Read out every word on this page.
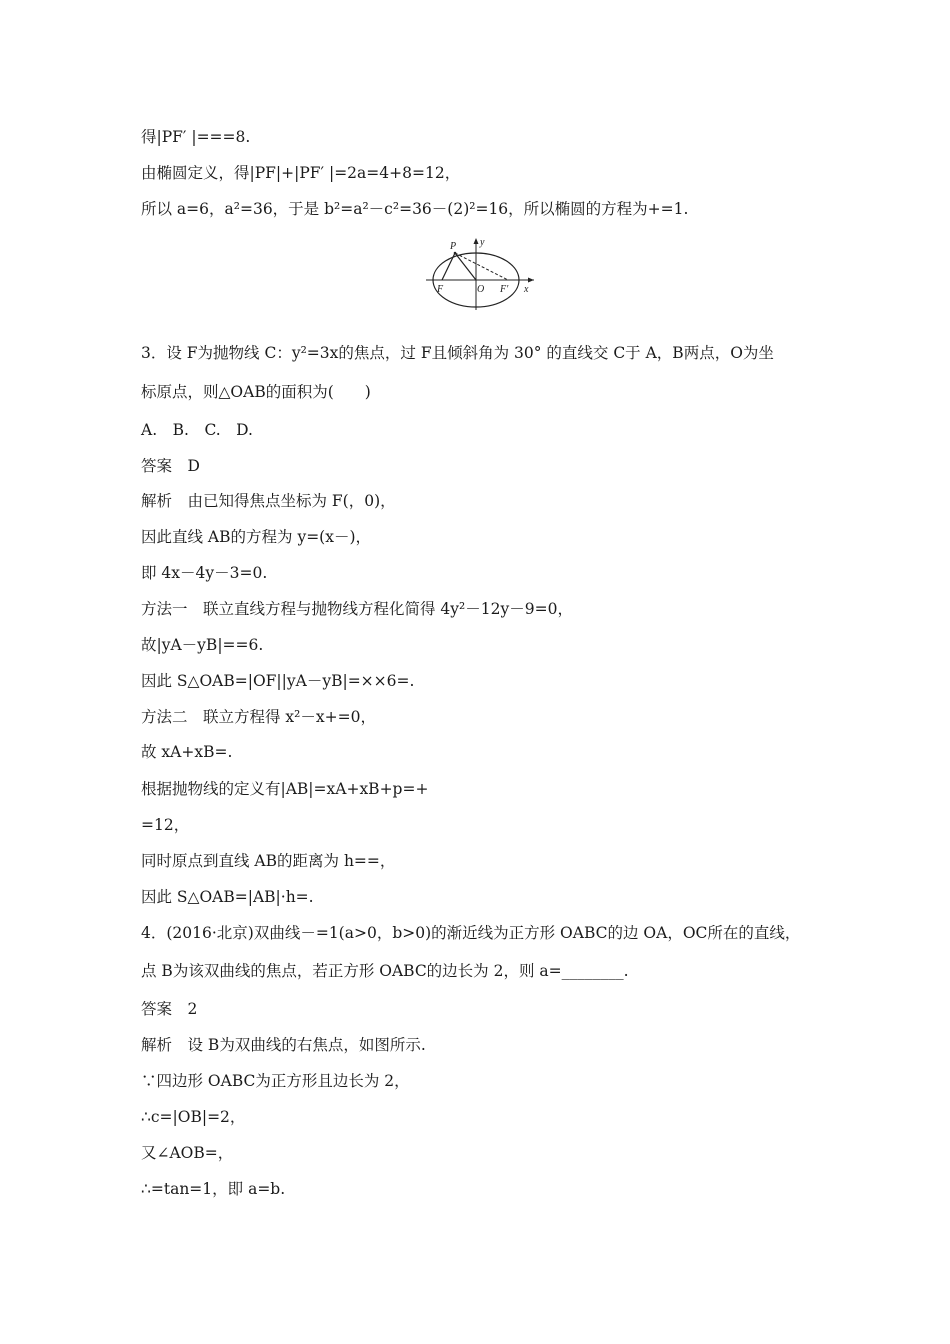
得|PF′ |===8.
由椭圆定义，得|PF|+|PF′ |=2a=4+8=12，
所以 a=6，a²=36，于是 b²=a²－c²=36－(2)²=16，所以椭圆的方程为+=1.
P y
F	O F′ x
3．设 F为抛物线 C：y²=3x的焦点，过 F且倾斜角为 30° 的直线交 C于 A，B两点，O为坐
标原点，则△OAB的面积为(　　)
A.　B.　C.　D.
答案　D
解析　由已知得焦点坐标为 F(，0)，
因此直线 AB的方程为 y=(x－)，
即 4x－4y－3=0.
方法一　联立直线方程与抛物线方程化简得 4y²－12y－9=0，
故|yA－yB|==6.
因此 S△OAB=|OF||yA－yB|=××6=.
方法二　联立方程得 x²－x+=0，
故 xA+xB=.
根据抛物线的定义有|AB|=xA+xB+p=+
=12，
同时原点到直线 AB的距离为 h==，
因此 S△OAB=|AB|·h=.
4．(2016·北京)双曲线－=1(a>0，b>0)的渐近线为正方形 OABC的边 OA，OC所在的直线，
点 B为该双曲线的焦点，若正方形 OABC的边长为 2，则 a=________.
答案　2
解析　设 B为双曲线的右焦点，如图所示.
∵四边形 OABC为正方形且边长为 2，
∴c=|OB|=2，
又∠AOB=，
∴=tan=1，即 a=b.
